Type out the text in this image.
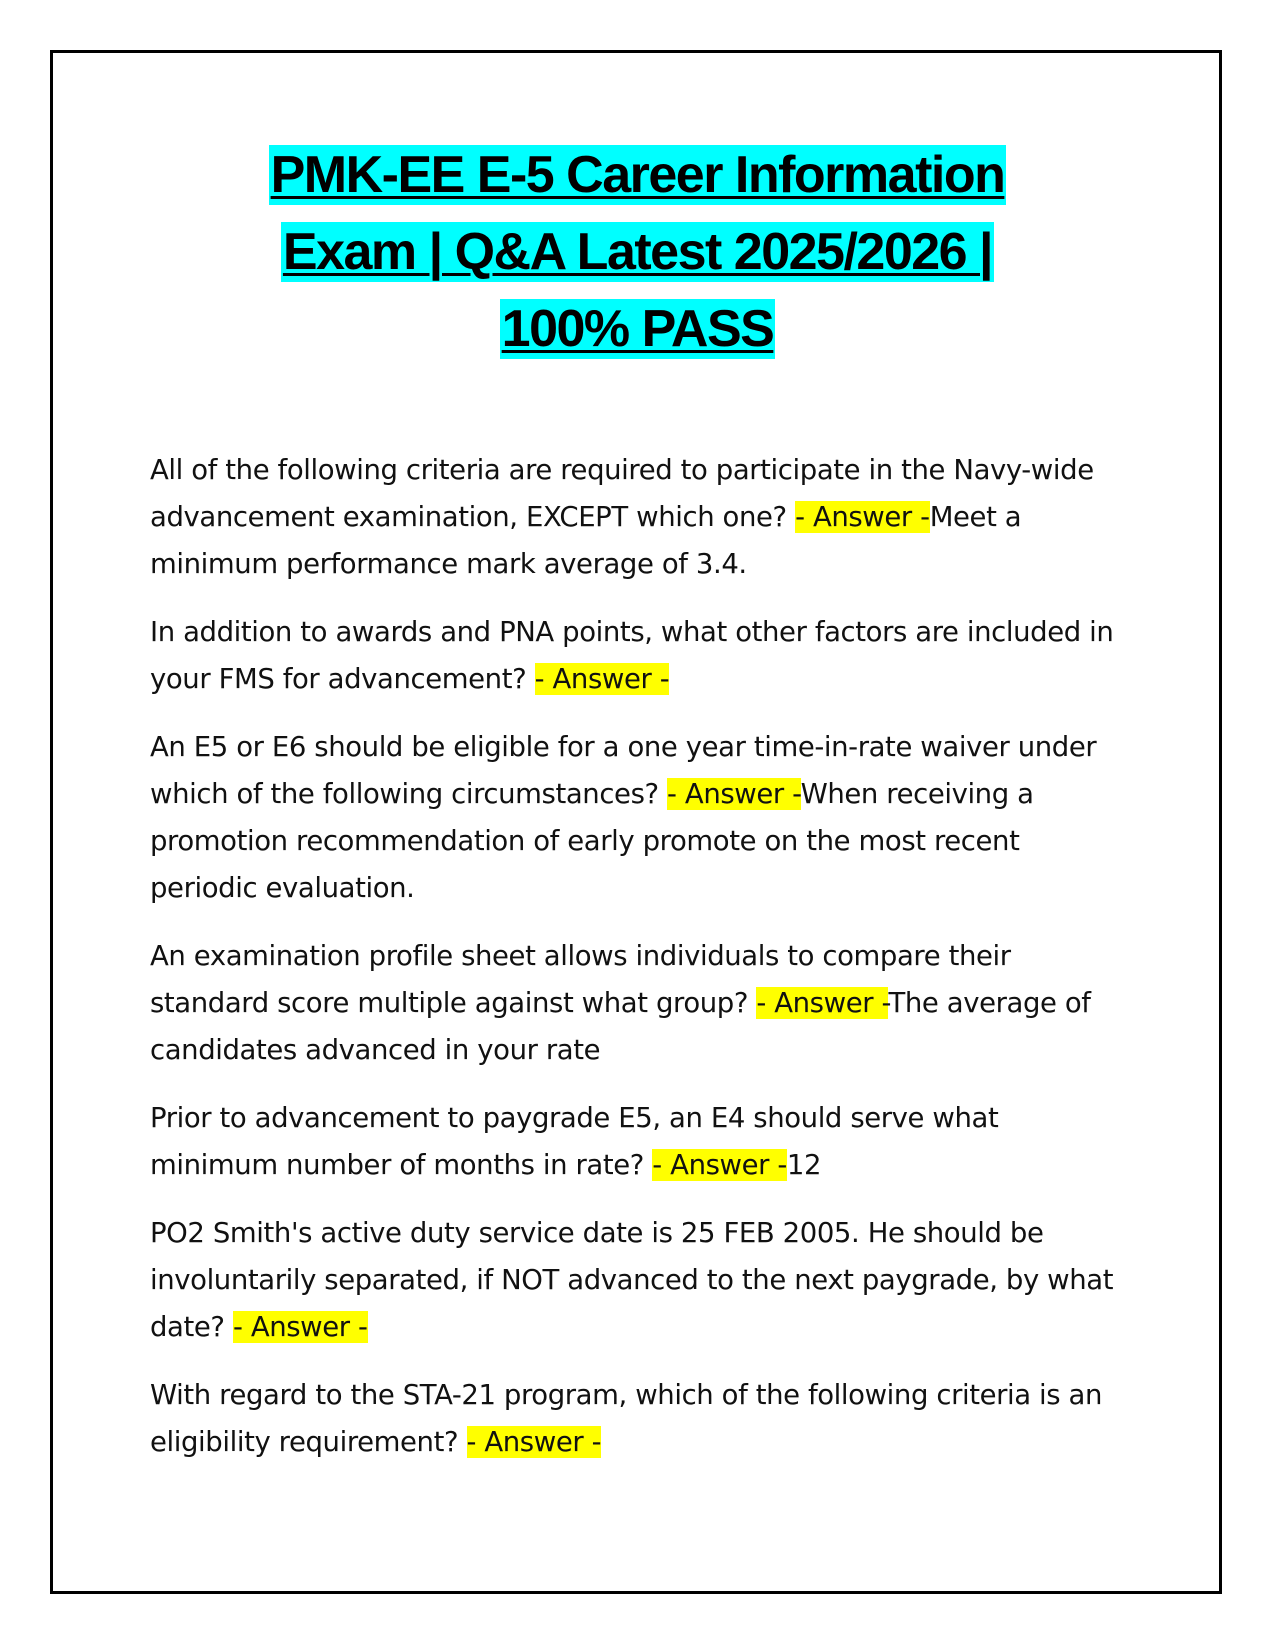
PMK-EE E-5 Career Information
Exam | Q&A Latest 2025/2026 |
100% PASS

All of the following criteria are required to participate in the Navy-wide advancement examination, EXCEPT which one? - Answer -Meet a minimum performance mark average of 3.4.

In addition to awards and PNA points, what other factors are included in your FMS for advancement? - Answer -

An E5 or E6 should be eligible for a one year time-in-rate waiver under which of the following circumstances? - Answer -When receiving a promotion recommendation of early promote on the most recent periodic evaluation.

An examination profile sheet allows individuals to compare their standard score multiple against what group? - Answer -The average of candidates advanced in your rate

Prior to advancement to paygrade E5, an E4 should serve what minimum number of months in rate? - Answer -12

PO2 Smith's active duty service date is 25 FEB 2005. He should be involuntarily separated, if NOT advanced to the next paygrade, by what date? - Answer -

With regard to the STA-21 program, which of the following criteria is an eligibility requirement? - Answer -
